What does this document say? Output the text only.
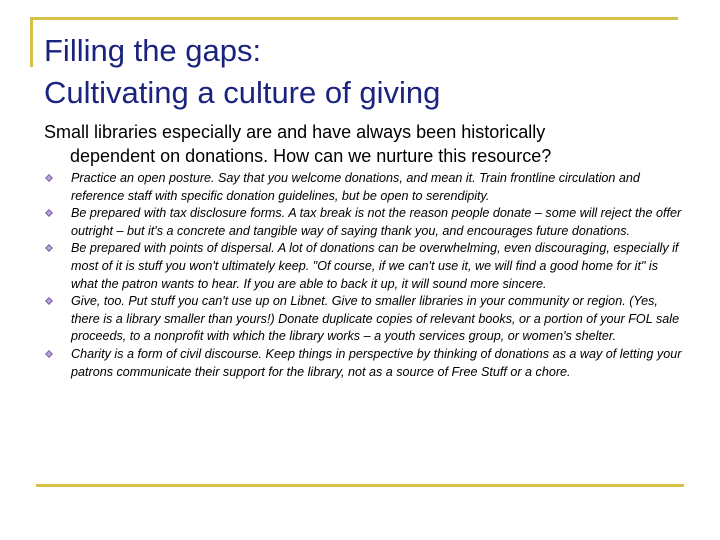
Filling the gaps:
Cultivating a culture of giving
Small libraries especially are and have always been historically
dependent on donations. How can we nurture this resource?
Practice an open posture. Say that you welcome donations, and mean it. Train frontline circulation and reference staff with specific donation guidelines, but be open to serendipity.
Be prepared with tax disclosure forms. A tax break is not the reason people donate – some will reject the offer outright – but it's a concrete and tangible way of saying thank you, and encourages future donations.
Be prepared with points of dispersal. A lot of donations can be overwhelming, even discouraging, especially if most of it is stuff you won't ultimately keep. "Of course, if we can't use it, we will find a good home for it" is what the patron wants to hear. If you are able to back it up, it will sound more sincere.
Give, too. Put stuff you can't use up on Libnet. Give to smaller libraries in your community or region. (Yes, there is a library smaller than yours!) Donate duplicate copies of relevant books, or a portion of your FOL sale proceeds, to a nonprofit with which the library works – a youth services group, or women's shelter.
Charity is a form of civil discourse. Keep things in perspective by thinking of donations as a way of letting your patrons communicate their support for the library, not as a source of Free Stuff or a chore.
